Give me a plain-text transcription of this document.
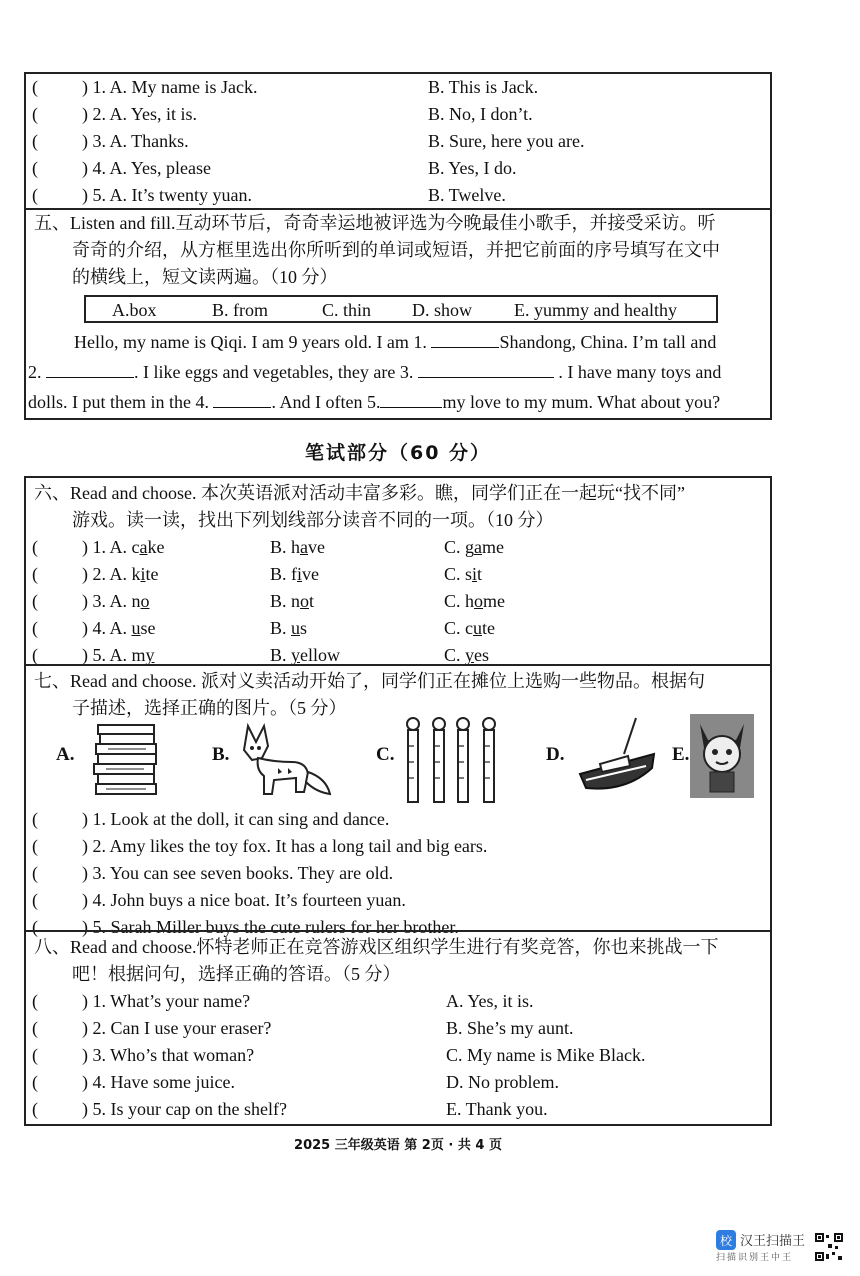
( ) 1. A. My name is Jack.	B. This is Jack.
( ) 2. A. Yes, it is.	B. No, I don’t.
( ) 3. A. Thanks.	B. Sure, here you are.
( ) 4. A. Yes, please	B. Yes, I do.
( ) 5. A. It’s twenty yuan.	B. Twelve.
五、Listen and fill.互动环节后，奇奇幸运地被评选为今晚最佳小歌手，并接受采访。听
奇奇的介绍，从方框里选出你所听到的单词或短语，并把它前面的序号填写在文中
的横线上，短文读两遍。（10 分）
A.box	B. from	C. thin D. show E. yummy and healthy
Hello, my name is Qiqi. I am 9 years old. I am 1.	Shandong, China. I’m tall and
2.	. I like eggs and vegetables, they are 3.	. I have many toys and
dolls. I put them in the 4.	. And I often 5.	my love to my mum. What about you?
笔试部分（60 分）
六、Read and choose. 本次英语派对活动丰富多彩。瞧，同学们正在一起玩“找不同”
游戏。读一读，找出下列划线部分读音不同的一项。（10 分）
( ) 1. A. cake	B. have	C. game
( ) 2. A. kite	B. five	C. sit
( ) 3. A. no	B. not	C. home
( ) 4. A. use	B. us	C. cute
( ) 5. A. my	B. yellow	C. yes
七、Read and choose. 派对义卖活动开始了，同学们正在摊位上选购一些物品。根据句
子描述，选择正确的图片。（5 分）
A.	B.	C.	D.	E.
( ) 1. Look at the doll, it can sing and dance.
( ) 2. Amy likes the toy fox. It has a long tail and big ears.
( ) 3. You can see seven books. They are old.
( ) 4. John buys a nice boat. It’s fourteen yuan.
( ) 5. Sarah Miller buys the cute rulers for her brother.
八、Read and choose.怀特老师正在竞答游戏区组织学生进行有奖竞答，你也来挑战一下
吧！根据问句，选择正确的答语。（5 分）
( ) 1. What’s your name?	A. Yes, it is.
( ) 2. Can I use your eraser?	B. She’s my aunt.
( ) 3. Who’s that woman?	C. My name is Mike Black.
( ) 4. Have some juice.	D. No problem.
( ) 5. Is your cap on the shelf?	E. Thank you.
2025 三年级英语 第 2页 · 共 4 页
校 汉王扫描王
扫描识别王中王
